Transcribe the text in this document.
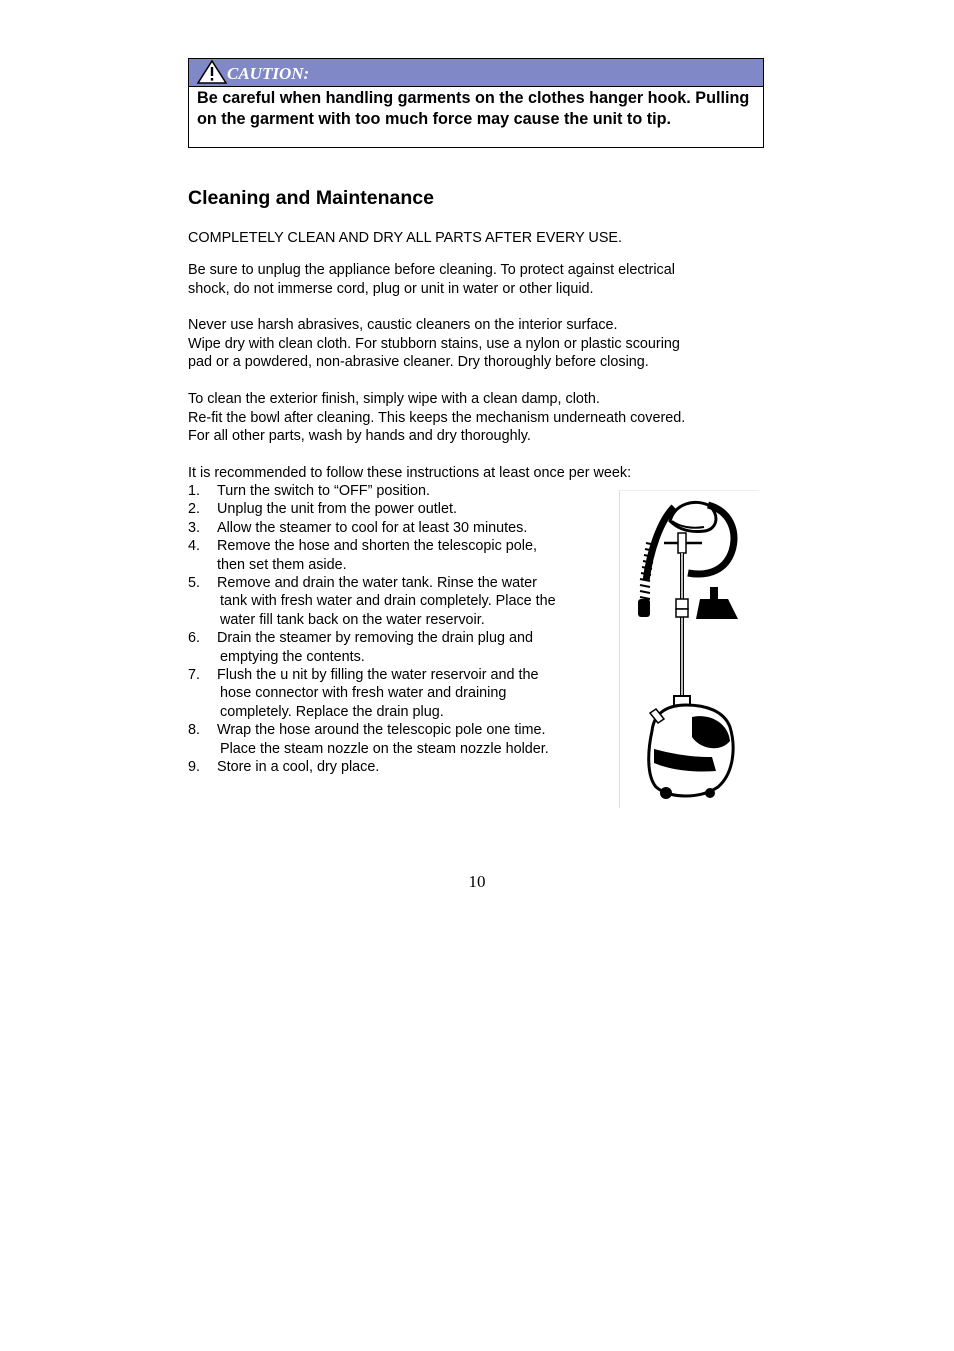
CAUTION:
Be careful when handling garments on the clothes hanger hook. Pulling on the garment with too much force may cause the unit to tip.
Cleaning and Maintenance
COMPLETELY CLEAN AND DRY ALL PARTS AFTER EVERY USE.
Be sure to unplug the appliance before cleaning. To protect against electrical
shock, do not immerse cord, plug or unit in water or other liquid.
Never use harsh abrasives, caustic cleaners on the interior surface.
Wipe dry with clean cloth. For stubborn stains, use a nylon or plastic scouring
pad or a powdered, non-abrasive cleaner. Dry thoroughly before closing.
To clean the exterior finish, simply wipe with a clean damp, cloth.
Re-fit the bowl after cleaning. This keeps the mechanism underneath covered.
For all other parts, wash by hands and dry thoroughly.
It is recommended to follow these instructions at least once per week:
1. Turn the switch to “OFF” position.
2. Unplug the unit from the power outlet.
3. Allow the steamer to cool for at least 30 minutes.
4. Remove the hose and shorten the telescopic pole,
then set them aside.
5. Remove and drain the water tank. Rinse the water
tank with fresh water and drain completely. Place the
water fill tank back on the water reservoir.
6. Drain the steamer by removing the drain plug and
emptying the contents.
7. Flush the u nit by filling the water reservoir and the
hose connector with fresh water and draining
completely. Replace the drain plug.
8. Wrap the hose around the telescopic pole one time.
Place the steam nozzle on the steam nozzle holder.
9. Store in a cool, dry place.
10
